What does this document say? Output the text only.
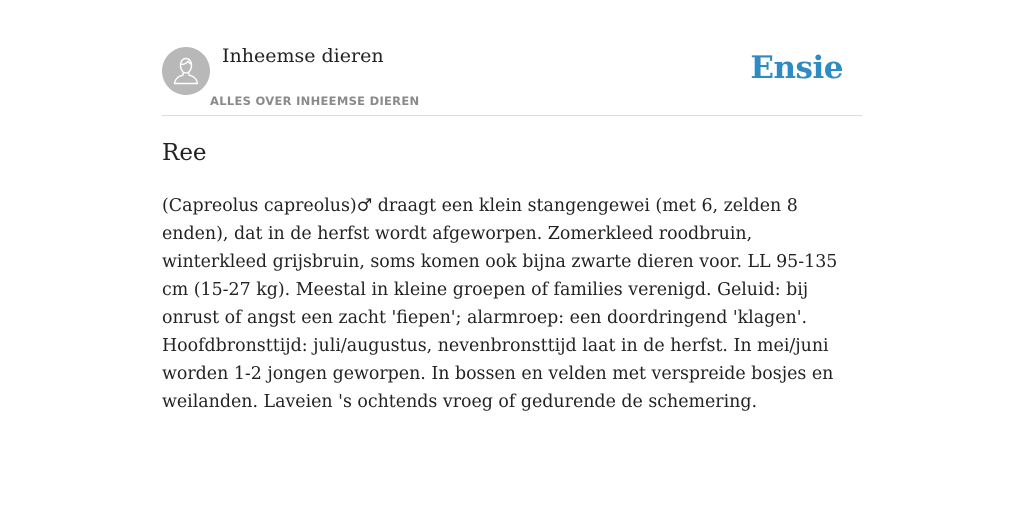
Inheemse dieren
ALLES OVER INHEEMSE DIEREN
Ensie
Ree

(Capreolus capreolus)♂ draagt een klein stangengewei (met 6, zelden 8 enden), dat in de herfst wordt afgeworpen. Zomerkleed roodbruin, winterkleed grijsbruin, soms komen ook bijna zwarte dieren voor. LL 95-135 cm (15-27 kg). Meestal in kleine groepen of families verenigd. Geluid: bij onrust of angst een zacht 'fiepen'; alarmroep: een doordringend 'klagen'. Hoofdbronsttijd: juli/augustus, nevenbronsttijd laat in de herfst. In mei/juni worden 1-2 jongen geworpen. In bossen en velden met verspreide bosjes en weilanden. Laveien 's ochtends vroeg of gedurende de schemering.
